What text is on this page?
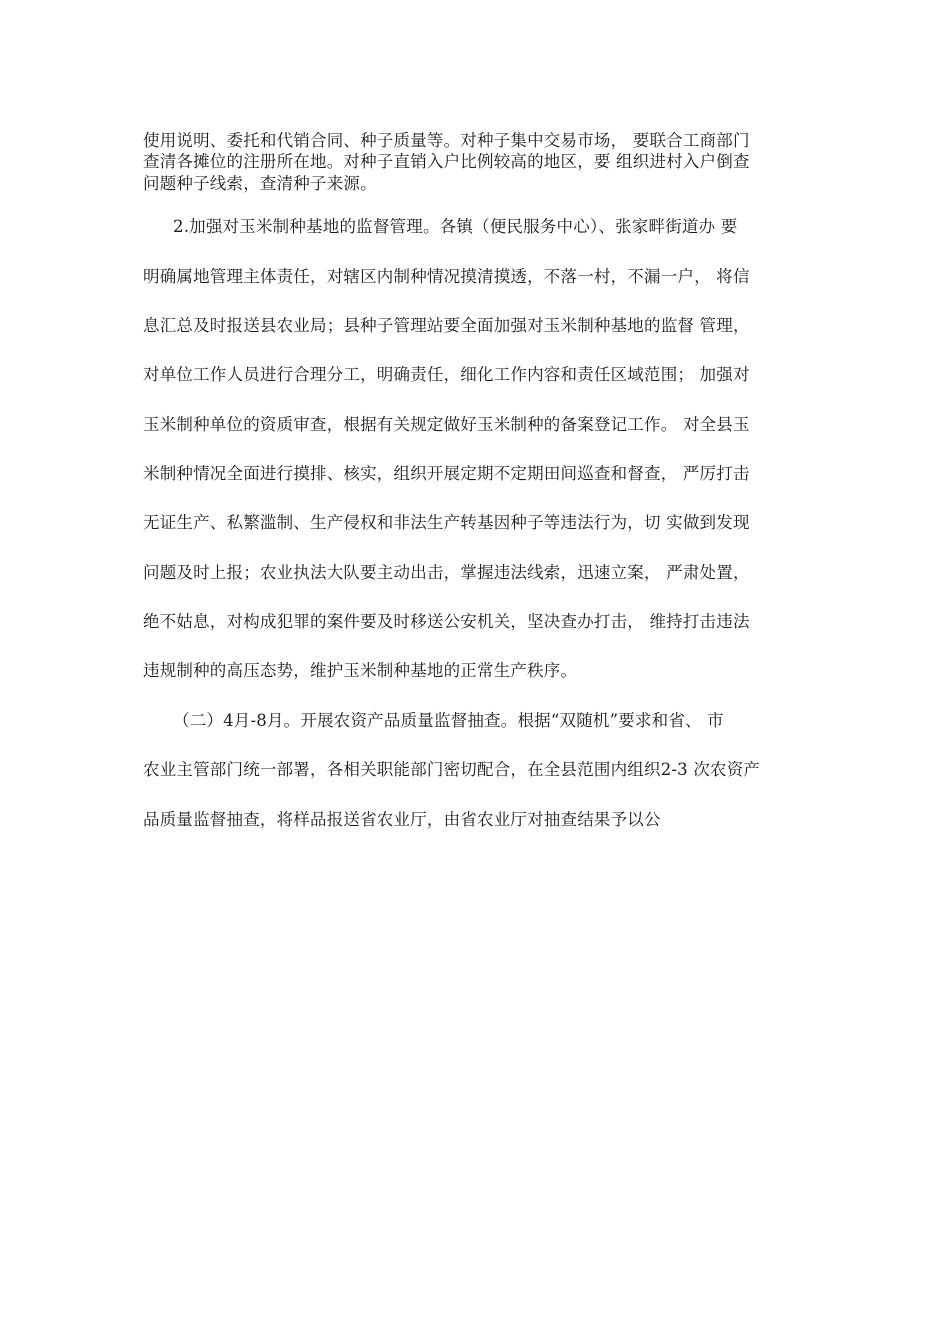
使用说明、委托和代销合同、种子质量等。对种子集中交易市场， 要联合工商部门
查清各摊位的注册所在地。对种子直销入户比例较高的地区，要 组织进村入户倒查
问题种子线索，查清种子来源。
2.加强对玉米制种基地的监督管理。各镇（便民服务中心）、张家畔街道办 要
明确属地管理主体责任，对辖区内制种情况摸清摸透，不落一村，不漏一户， 将信
息汇总及时报送县农业局；县种子管理站要全面加强对玉米制种基地的监督 管理，
对单位工作人员进行合理分工，明确责任，细化工作内容和责任区域范围； 加强对
玉米制种单位的资质审查，根据有关规定做好玉米制种的备案登记工作。 对全县玉
米制种情况全面进行摸排、核实，组织开展定期不定期田间巡查和督查， 严厉打击
无证生产、私繁滥制、生产侵权和非法生产转基因种子等违法行为，切 实做到发现
问题及时上报；农业执法大队要主动出击，掌握违法线索，迅速立案， 严肃处置，
绝不姑息，对构成犯罪的案件要及时移送公安机关，坚决查办打击， 维持打击违法
违规制种的高压态势，维护玉米制种基地的正常生产秩序。
（二）4月-8月。开展农资产品质量监督抽查。根据“双随机”要求和省、 市
农业主管部门统一部署，各相关职能部门密切配合，在全县范围内组织2-3 次农资产
品质量监督抽查，将样品报送省农业厅，由省农业厅对抽查结果予以公
